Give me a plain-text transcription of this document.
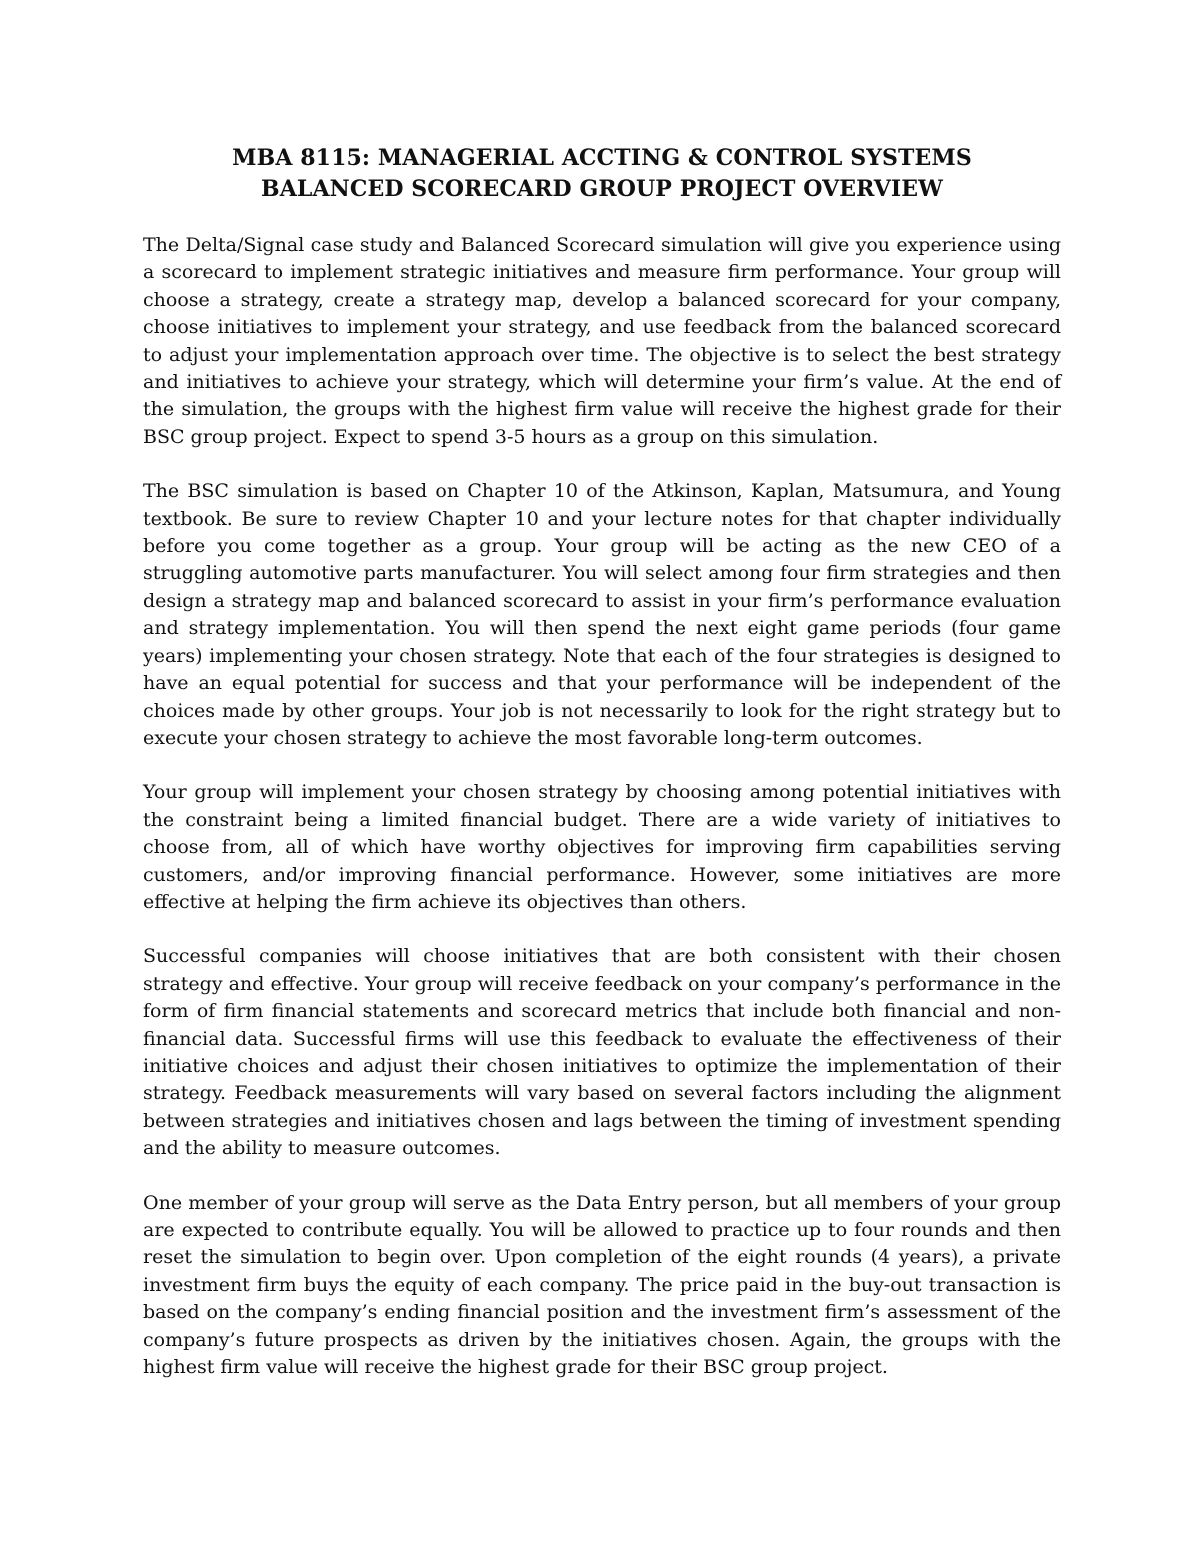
MBA 8115: MANAGERIAL ACCTING & CONTROL SYSTEMS
BALANCED SCORECARD GROUP PROJECT OVERVIEW

The Delta/Signal case study and Balanced Scorecard simulation will give you experience using a scorecard to implement strategic initiatives and measure firm performance. Your group will choose a strategy, create a strategy map, develop a balanced scorecard for your company, choose initiatives to implement your strategy, and use feedback from the balanced scorecard to adjust your implementation approach over time. The objective is to select the best strategy and initiatives to achieve your strategy, which will determine your firm’s value. At the end of the simulation, the groups with the highest firm value will receive the highest grade for their BSC group project. Expect to spend 3-5 hours as a group on this simulation.

The BSC simulation is based on Chapter 10 of the Atkinson, Kaplan, Matsumura, and Young textbook. Be sure to review Chapter 10 and your lecture notes for that chapter individually before you come together as a group. Your group will be acting as the new CEO of a struggling automotive parts manufacturer. You will select among four firm strategies and then design a strategy map and balanced scorecard to assist in your firm’s performance evaluation and strategy implementation. You will then spend the next eight game periods (four game years) implementing your chosen strategy. Note that each of the four strategies is designed to have an equal potential for success and that your performance will be independent of the choices made by other groups. Your job is not necessarily to look for the right strategy but to execute your chosen strategy to achieve the most favorable long-term outcomes.

Your group will implement your chosen strategy by choosing among potential initiatives with the constraint being a limited financial budget. There are a wide variety of initiatives to choose from, all of which have worthy objectives for improving firm capabilities serving customers, and/or improving financial performance. However, some initiatives are more effective at helping the firm achieve its objectives than others.

Successful companies will choose initiatives that are both consistent with their chosen strategy and effective. Your group will receive feedback on your company’s performance in the form of firm financial statements and scorecard metrics that include both financial and non-financial data. Successful firms will use this feedback to evaluate the effectiveness of their initiative choices and adjust their chosen initiatives to optimize the implementation of their strategy. Feedback measurements will vary based on several factors including the alignment between strategies and initiatives chosen and lags between the timing of investment spending and the ability to measure outcomes.

One member of your group will serve as the Data Entry person, but all members of your group are expected to contribute equally. You will be allowed to practice up to four rounds and then reset the simulation to begin over. Upon completion of the eight rounds (4 years), a private investment firm buys the equity of each company. The price paid in the buy-out transaction is based on the company’s ending financial position and the investment firm’s assessment of the company’s future prospects as driven by the initiatives chosen. Again, the groups with the highest firm value will receive the highest grade for their BSC group project.
